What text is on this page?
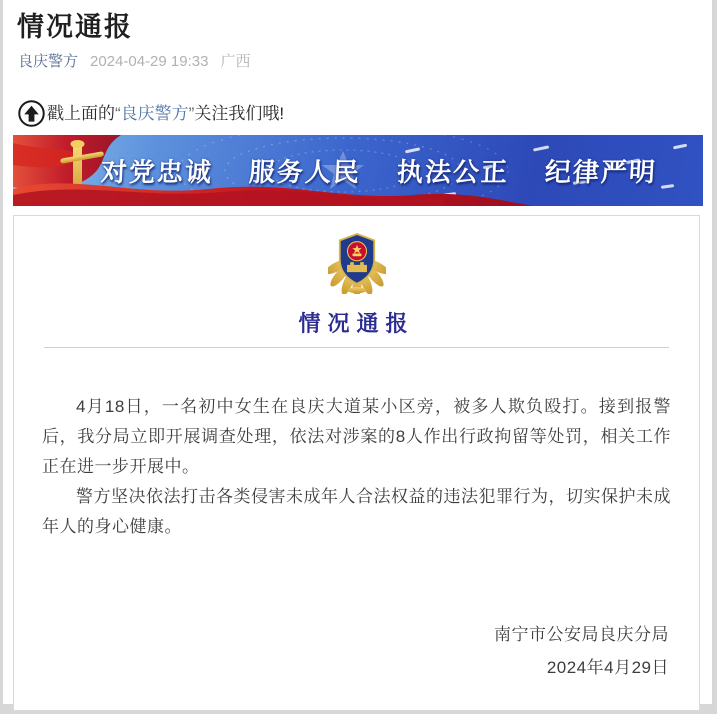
情况通报
良庆警方 2024-04-29 19:33 广西
戳上面的 “ 良庆警方 ” 关注我们哦!
对党忠诚 服务人民 执法公正 纪律严明
情况通报

4月18日，一名初中女生在良庆大道某小区旁，被多人欺负殴打。接到报警后，我分局立即开展调查处理，依法对涉案的8人作出行政拘留等处罚，相关工作正在进一步开展中。

警方坚决依法打击各类侵害未成年人合法权益的违法犯罪行为，切实保护未成年人的身心健康。

南宁市公安局良庆分局
2024年4月29日
